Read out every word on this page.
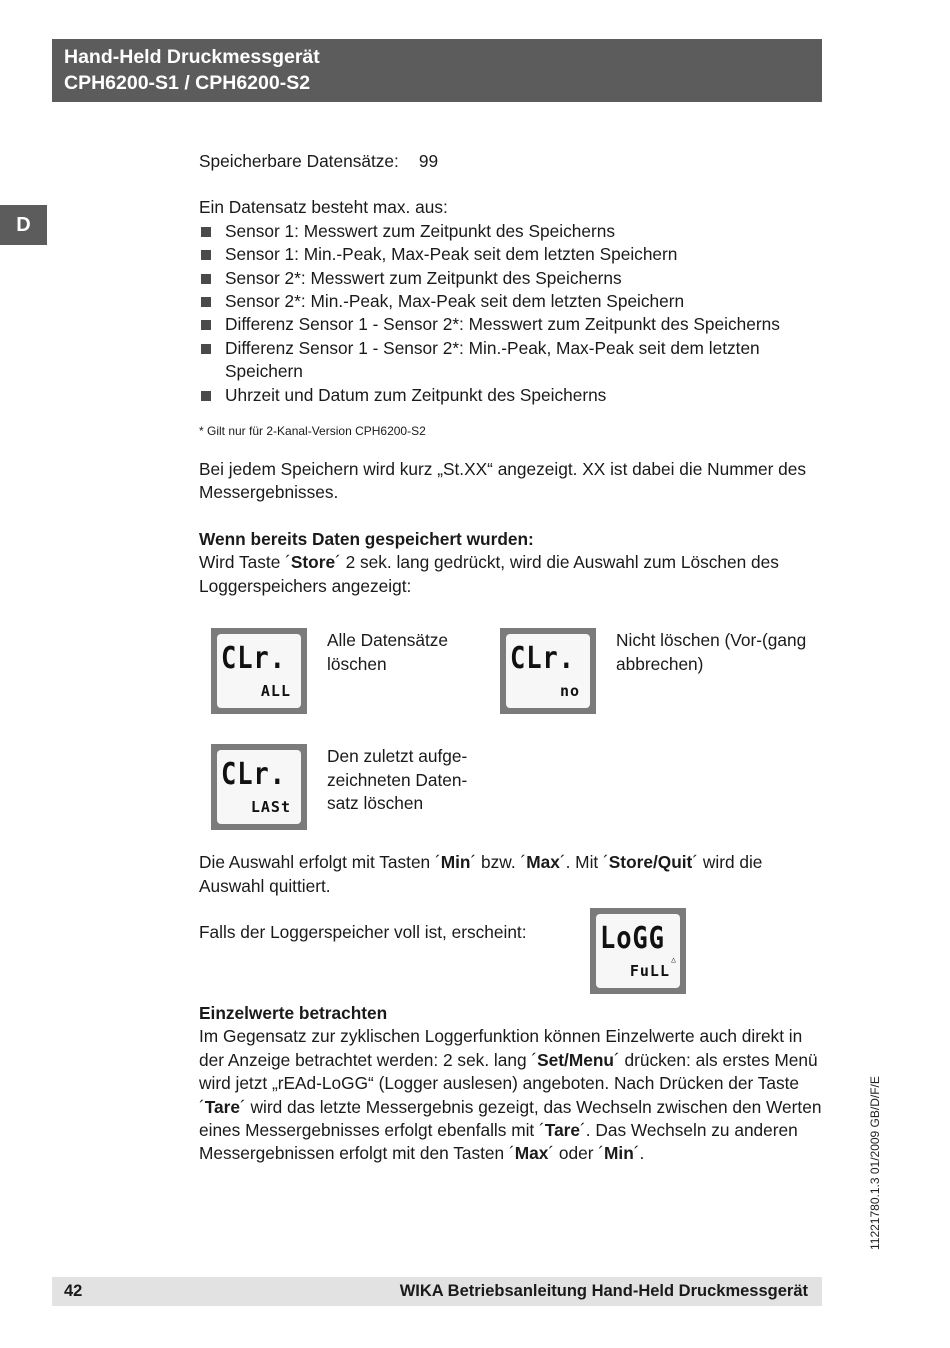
Hand-Held Druckmessgerät
CPH6200-S1 / CPH6200-S2
D

Speicherbare Datensätze: 99

Ein Datensatz besteht max. aus:

Sensor 1: Messwert zum Zeitpunkt des Speicherns
Sensor 1: Min.-Peak, Max-Peak seit dem letzten Speichern
Sensor 2*: Messwert zum Zeitpunkt des Speicherns
Sensor 2*: Min.-Peak, Max-Peak seit dem letzten Speichern
Differenz Sensor 1 - Sensor 2*: Messwert zum Zeitpunkt des Speicherns
Differenz Sensor 1 - Sensor 2*: Min.-Peak, Max-Peak seit dem letzten Speichern
Uhrzeit und Datum zum Zeitpunkt des Speicherns

* Gilt nur für 2-Kanal-Version CPH6200-S2

Bei jedem Speichern wird kurz „St.XX“ angezeigt. XX ist dabei die Nummer des Messergebnisses.

Wenn bereits Daten gespeichert wurden:

Wird Taste ´Store´ 2 sek. lang gedrückt, wird die Auswahl zum Löschen des Loggerspeichers angezeigt:

CLr.
ALL
Alle Datensätze löschen	CLr.
no
Nicht löschen (Vor-(gang abbrechen)
CLr.
LASt
Den zuletzt aufge-zeichneten Daten-satz löschen

Die Auswahl erfolgt mit Tasten ´Min´ bzw. ´Max´. Mit ´Store/Quit´ wird die Auswahl quittiert.

Falls der Loggerspeicher voll ist, erscheint:	LoGG
△
FuLL

Einzelwerte betrachten

Im Gegensatz zur zyklischen Loggerfunktion können Einzelwerte auch direkt in der Anzeige betrachtet werden: 2 sek. lang ´Set/Menu´ drücken: als erstes Menü wird jetzt „rEAd-LoGG“ (Logger auslesen) angeboten. Nach Drücken der Taste ´Tare´ wird das letzte Messergebnis gezeigt, das Wechseln zwischen den Werten eines Messergebnisses erfolgt ebenfalls mit ´Tare´. Das Wechseln zu anderen Messergebnissen erfolgt mit den Tasten ´Max´ oder ´Min´.	11221780.1.3 01/2009 GB/D/F/E
42	WIKA Betriebsanleitung Hand-Held Druckmessgerät
